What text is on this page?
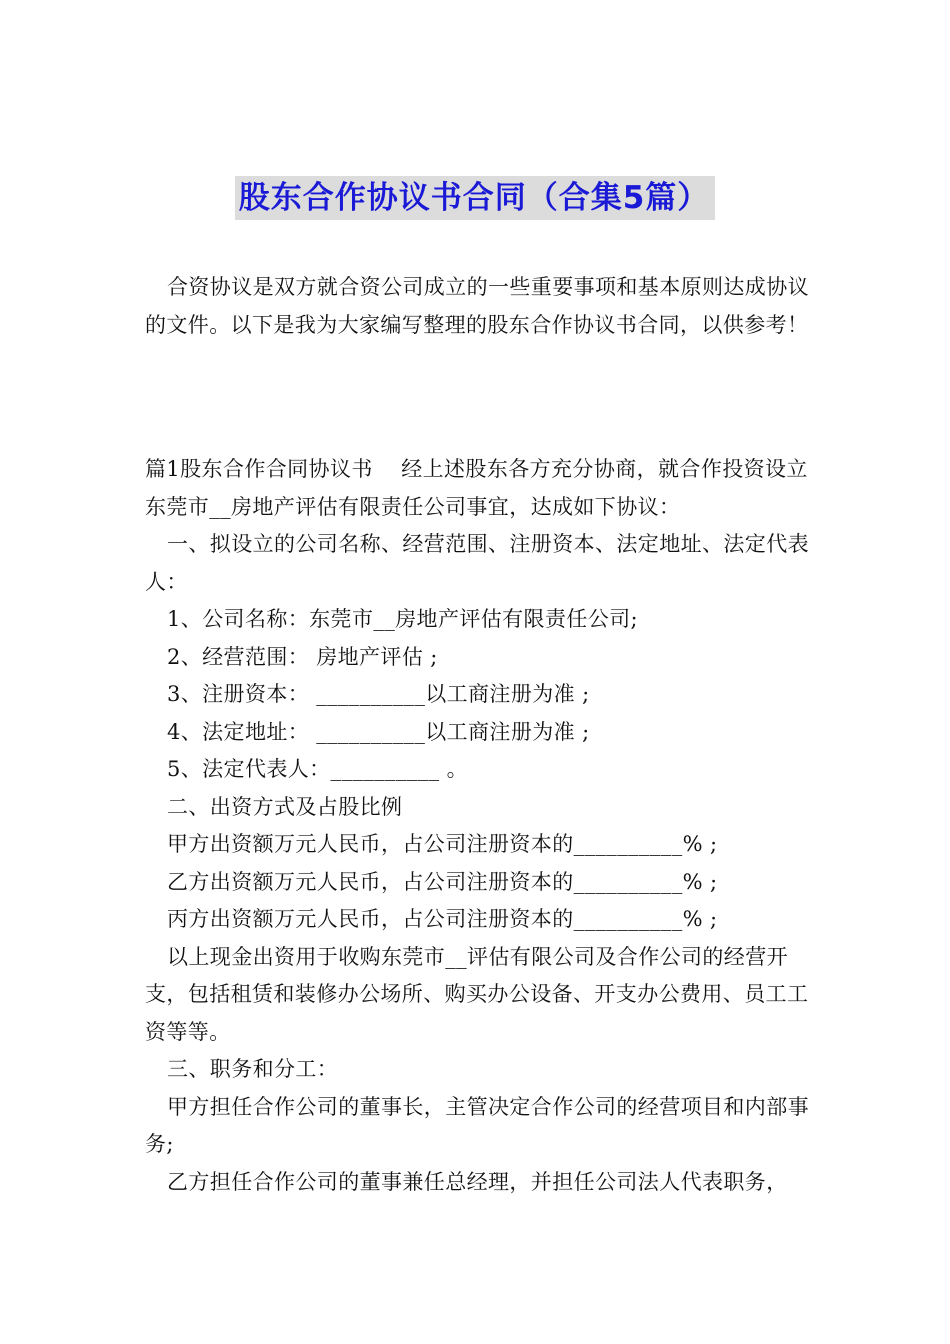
股东合作协议书合同（合集5篇）

合资协议是双方就合资公司成立的一些重要事项和基本原则达成协议的文件。以下是我为大家编写整理的股东合作协议书合同，以供参考！

篇1股东合作合同协议书　 经上述股东各方充分协商，就合作投资设立东莞市__房地产评估有限责任公司事宜，达成如下协议：

一、拟设立的公司名称、经营范围、注册资本、法定地址、法定代表人：

1、公司名称：东莞市__房地产评估有限责任公司;

2、经营范围： 房地产评估 ;

3、注册资本： __________以工商注册为准 ;

4、法定地址： __________以工商注册为准 ;

5、法定代表人：__________ 。

二、出资方式及占股比例

甲方出资额万元人民币，占公司注册资本的__________% ;

乙方出资额万元人民币，占公司注册资本的__________% ;

丙方出资额万元人民币，占公司注册资本的__________% ;

以上现金出资用于收购东莞市__评估有限公司及合作公司的经营开支，包括租赁和装修办公场所、购买办公设备、开支办公费用、员工工资等等。

三、职务和分工：

甲方担任合作公司的董事长，主管决定合作公司的经营项目和内部事务;

乙方担任合作公司的董事兼任总经理，并担任公司法人代表职务，
